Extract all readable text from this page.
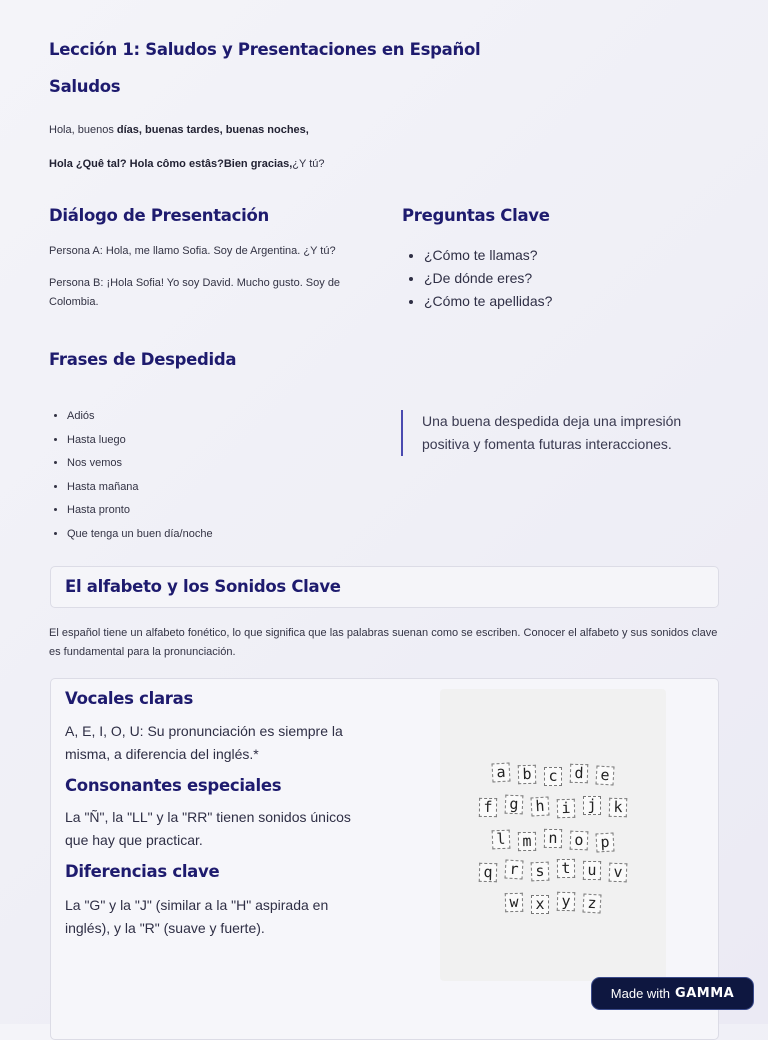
Lección 1: Saludos y Presentaciones en Español
Saludos
Hola, buenos días, buenas tardes, buenas noches,
Hola ¿Quê tal? Hola cômo estâs?Bien gracias,¿Y tú?
Diálogo de Presentación
Persona A: Hola, me llamo Sofia. Soy de Argentina. ¿Y tú?
Persona B: ¡Hola Sofia! Yo soy David. Mucho gusto. Soy de Colombia.
Preguntas Clave
• ¿Cómo te llamas?
• ¿De dónde eres?
• ¿Cómo te apellidas?
Frases de Despedida
• Adiós
• Hasta luego
• Nos vemos
• Hasta mañana
• Hasta pronto
• Que tenga un buen día/noche
Una buena despedida deja una impresión positiva y fomenta futuras interacciones.
El alfabeto y los Sonidos Clave
El español tiene un alfabeto fonético, lo que significa que las palabras suenan como se escriben. Conocer el alfabeto y sus sonidos clave es fundamental para la pronunciación.
Vocales claras

A, E, I, O, U: Su pronunciación es siempre la misma, a diferencia del inglés.*

Consonantes especiales

La "Ñ", la "LL" y la "RR" tienen sonidos únicos que hay que practicar.

Diferencias clave

La "G" y la "J" (similar a la "H" aspirada en inglés), y la "R" (suave y fuerte).

a	b	c	d	e
f	g h	i	j	k
l	m n	o p
q	r s	t u	v
w	x	y	z
Made with GAMMA
